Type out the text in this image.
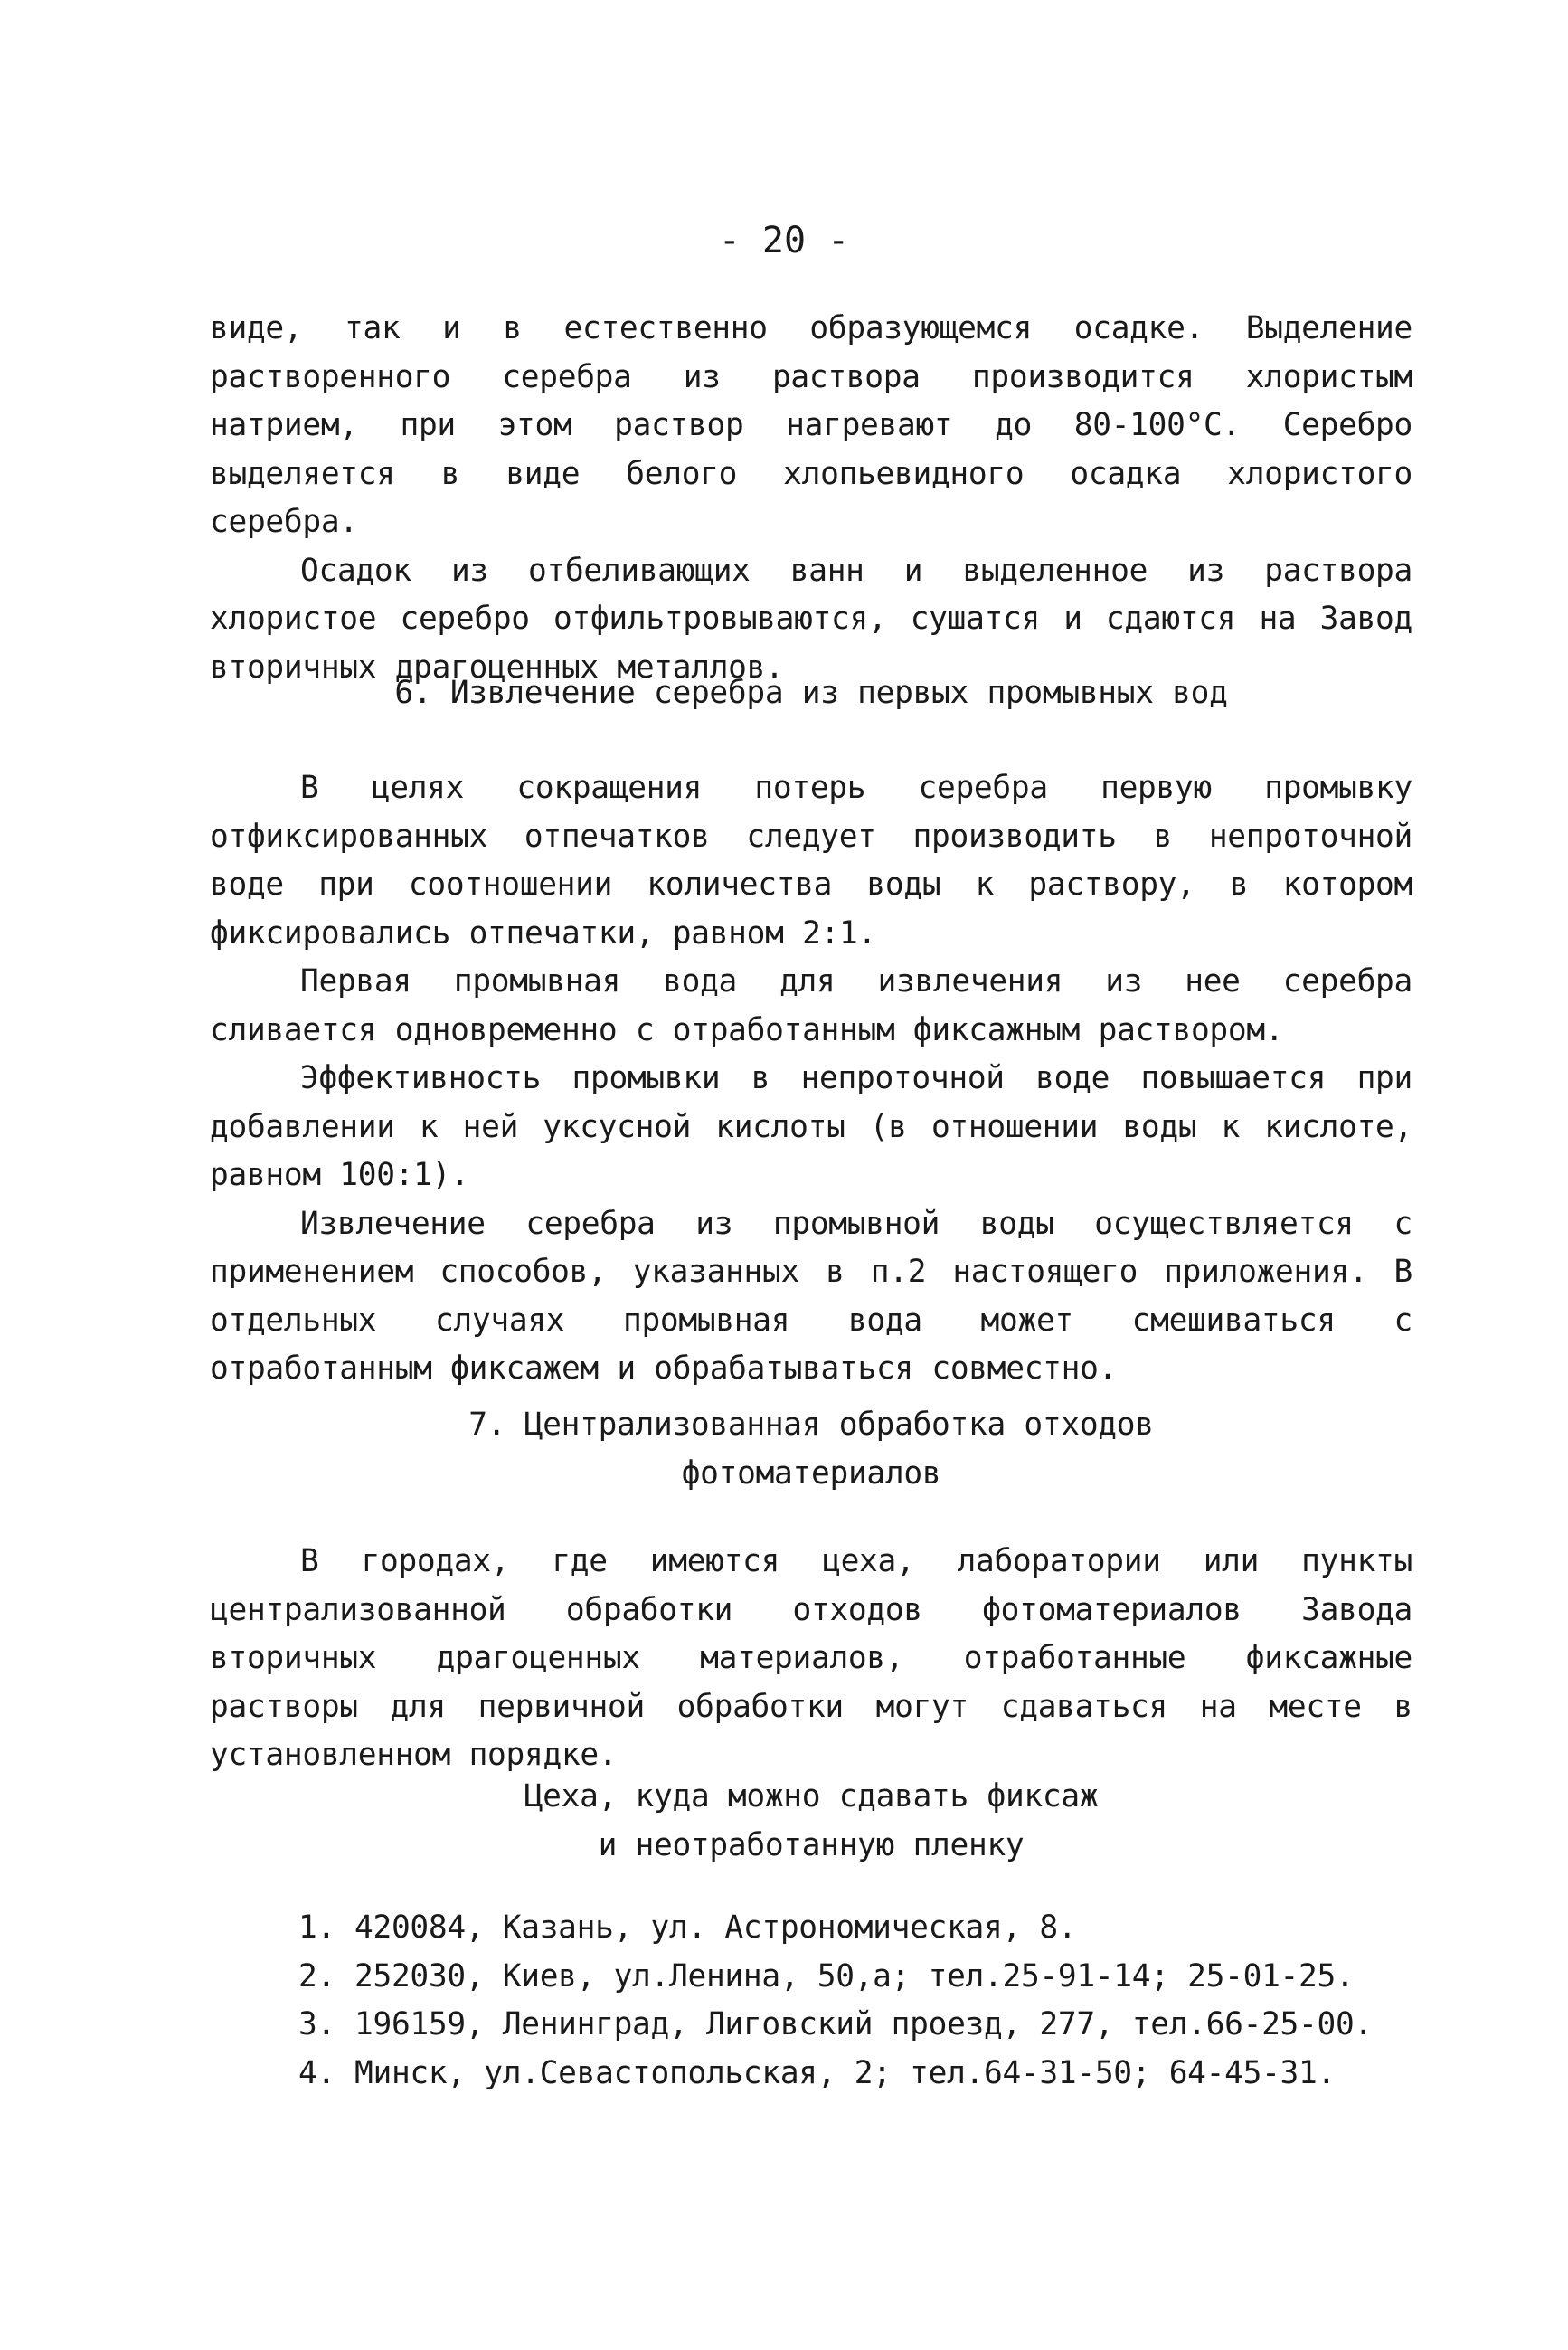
- 20 -

виде, так и в естественно образующемся осадке. Выделение растворенного серебра из раствора производится хлористым натрием, при этом раствор нагревают до 80-100°С. Серебро выделяется в виде белого хлопьевидного осадка хлористого серебра.

Осадок из отбеливающих ванн и выделенное из раствора хлористое серебро отфильтровываются, сушатся и сдаются на Завод вторичных драгоценных металлов.

6. Извлечение серебра из первых промывных вод

В целях сокращения потерь серебра первую промывку отфиксированных отпечатков следует производить в непроточной воде при соотношении количества воды к раствору, в котором фиксировались отпечатки, равном 2:1.

Первая промывная вода для извлечения из нее серебра сливается одновременно с отработанным фиксажным раствором.

Эффективность промывки в непроточной воде повышается при добавлении к ней уксусной кислоты (в отношении воды к кислоте, равном 100:1).

Извлечение серебра из промывной воды осуществляется с применением способов, указанных в п.2 настоящего приложения. В отдельных случаях промывная вода может смешиваться с отработанным фиксажем и обрабатываться совместно.

7. Централизованная обработка отходов
фотоматериалов

В городах, где имеются цеха, лаборатории или пункты централизованной обработки отходов фотоматериалов Завода вторичных драгоценных материалов, отработанные фиксажные растворы для первичной обработки могут сдаваться на месте в установленном порядке.

Цеха, куда можно сдавать фиксаж
и неотработанную пленку
1. 420084, Казань, ул. Астрономическая, 8.
2. 252030, Киев, ул.Ленина, 50,а; тел.25-91-14; 25-01-25.
3. 196159, Ленинград, Лиговский проезд, 277, тел.66-25-00.
4. Минск, ул.Севастопольская, 2; тел.64-31-50; 64-45-31.
